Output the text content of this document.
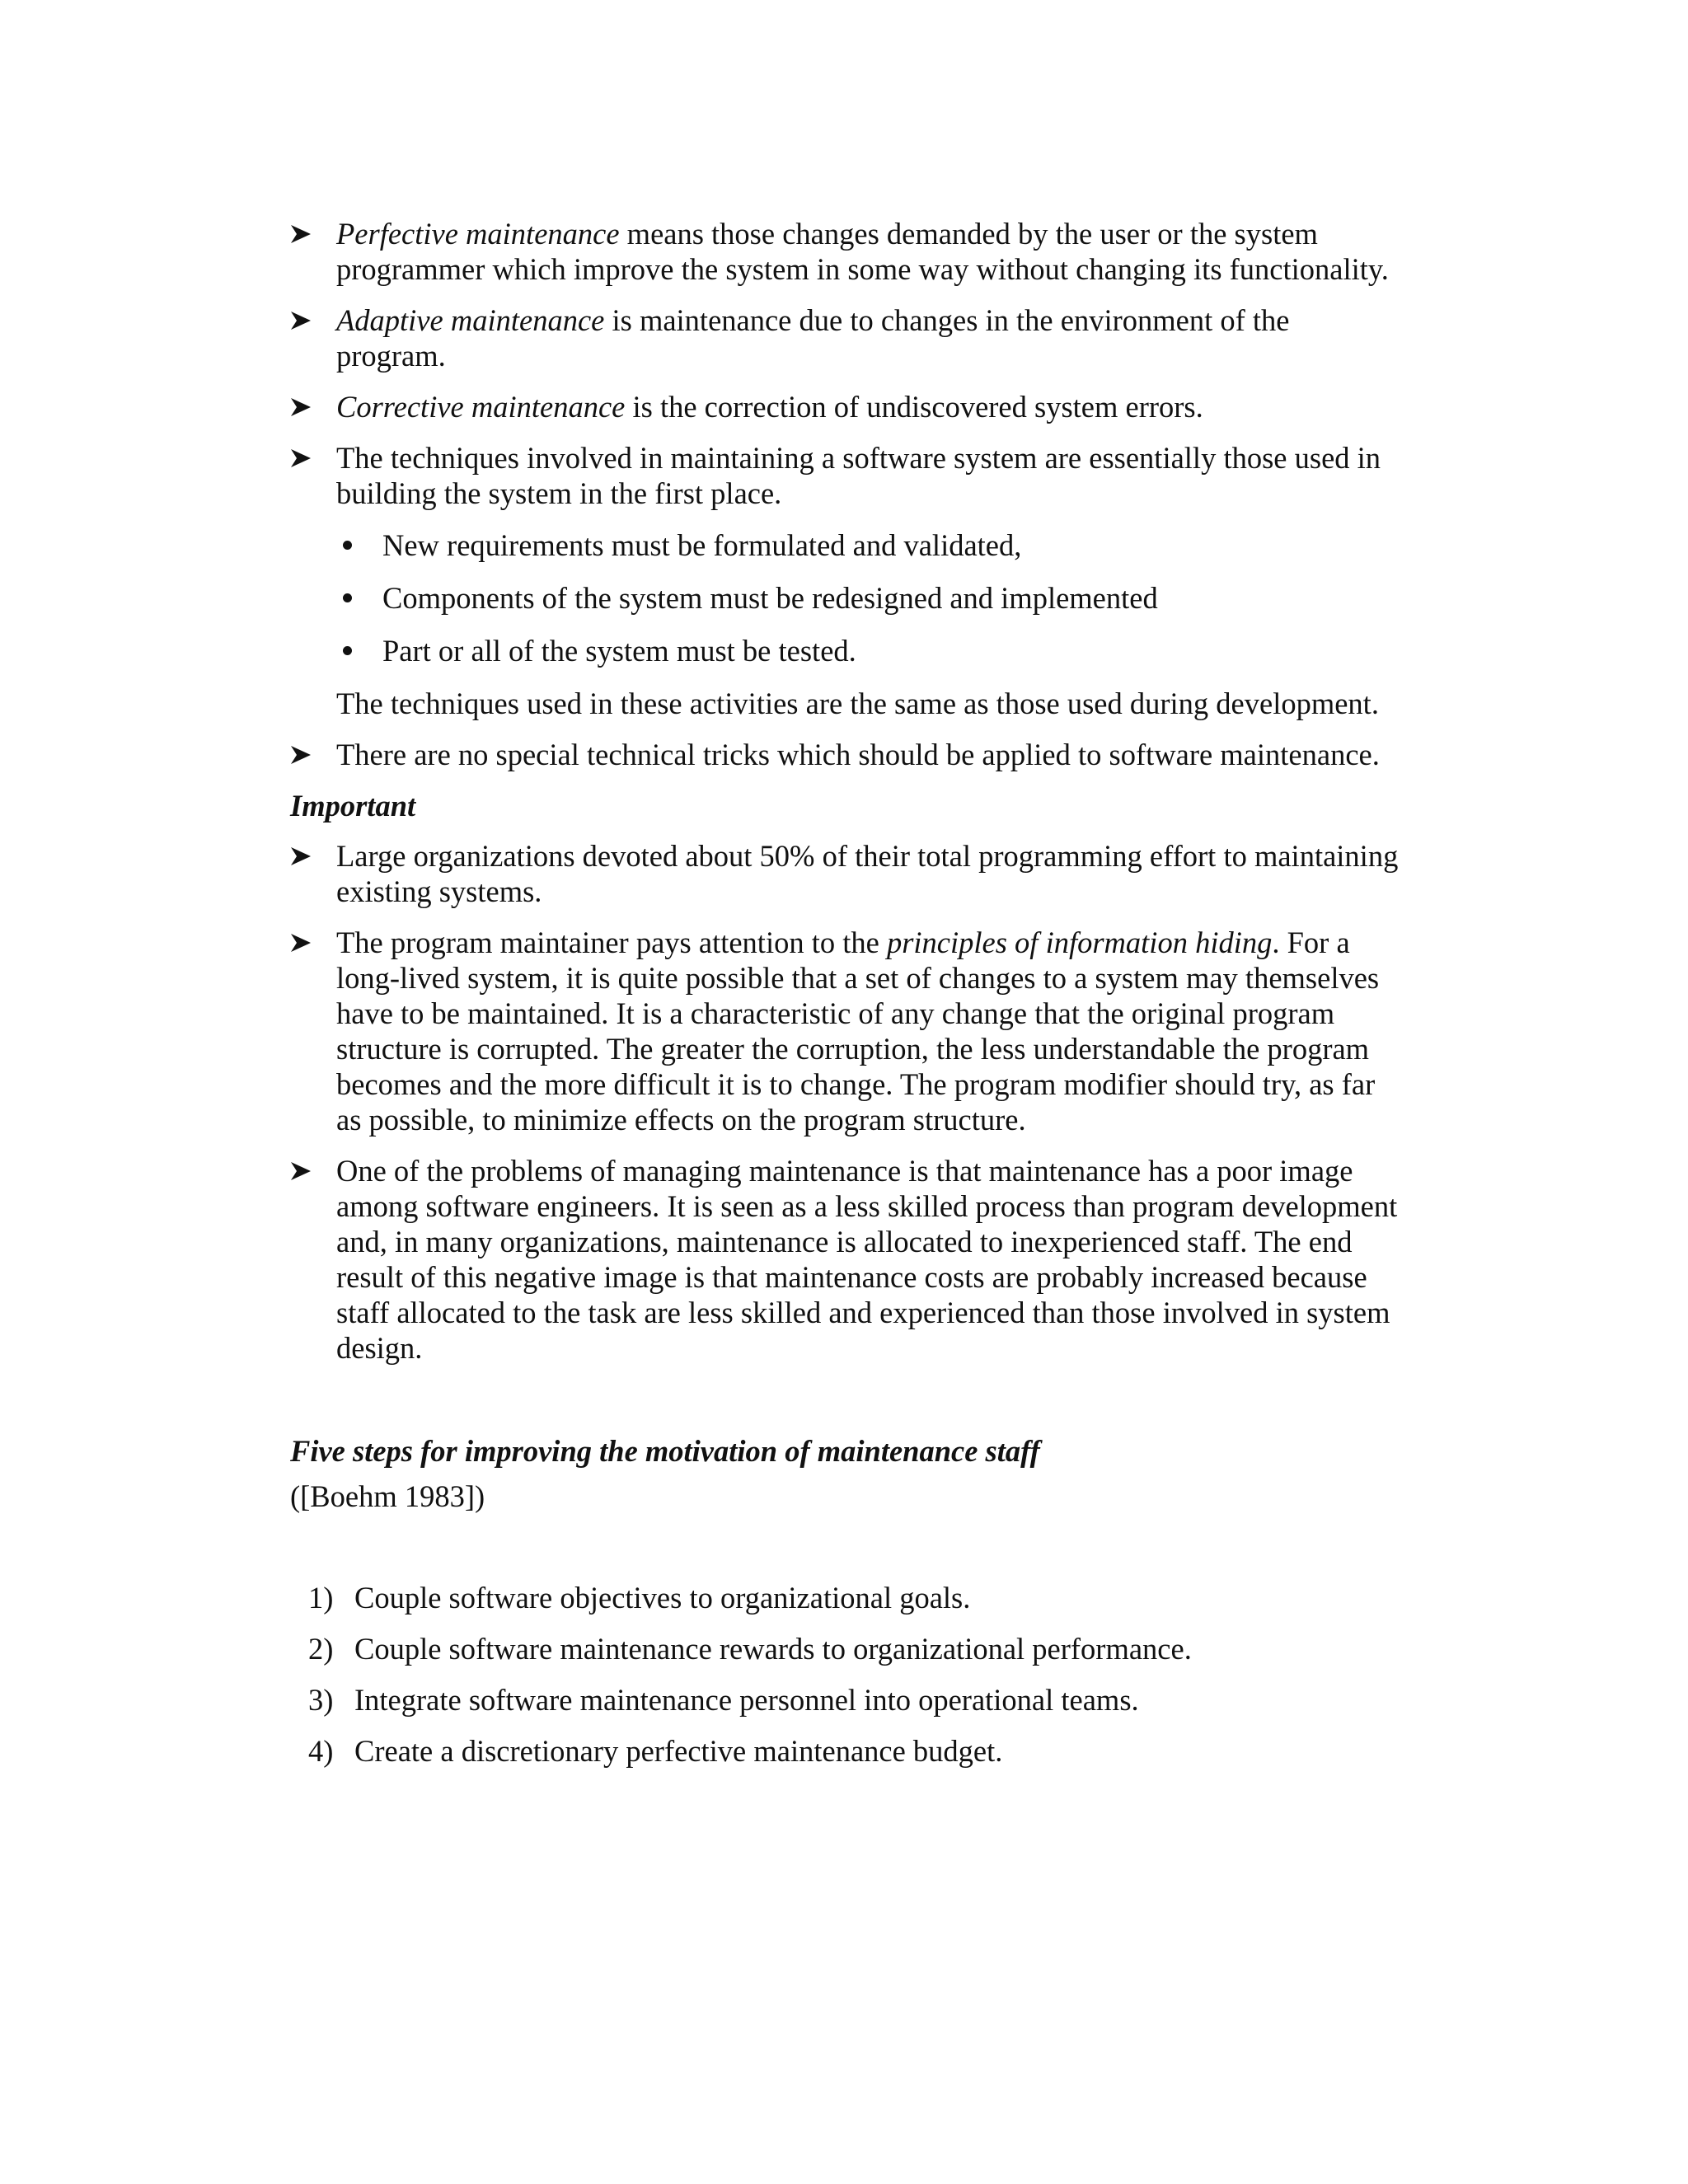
Perfective maintenance means those changes demanded by the user or the system programmer which improve the system in some way without changing its functionality.
Adaptive maintenance is maintenance due to changes in the environment of the program.
Corrective maintenance is the correction of undiscovered system errors.
The techniques involved in maintaining a software system are essentially those used in building the system in the first place.
New requirements must be formulated and validated,
Components of the system must be redesigned and implemented
Part or all of the system must be tested.
The techniques used in these activities are the same as those used during development.
There are no special technical tricks which should be applied to software maintenance.
Important
Large organizations devoted about 50% of their total programming effort to maintaining existing systems.
The program maintainer pays attention to the principles of information hiding. For a long-lived system, it is quite possible that a set of changes to a system may themselves have to be maintained. It is a characteristic of any change that the original program structure is corrupted. The greater the corruption, the less understandable the program becomes and the more difficult it is to change. The program modifier should try, as far as possible, to minimize effects on the program structure.
One of the problems of managing maintenance is that maintenance has a poor image among software engineers. It is seen as a less skilled process than program development and, in many organizations, maintenance is allocated to inexperienced staff. The end result of this negative image is that maintenance costs are probably increased because staff allocated to the task are less skilled and experienced than those involved in system design.
Five steps for improving the motivation of maintenance staff
([Boehm 1983])
1) Couple software objectives to organizational goals.
2) Couple software maintenance rewards to organizational performance.
3) Integrate software maintenance personnel into operational teams.
4) Create a discretionary perfective maintenance budget.
